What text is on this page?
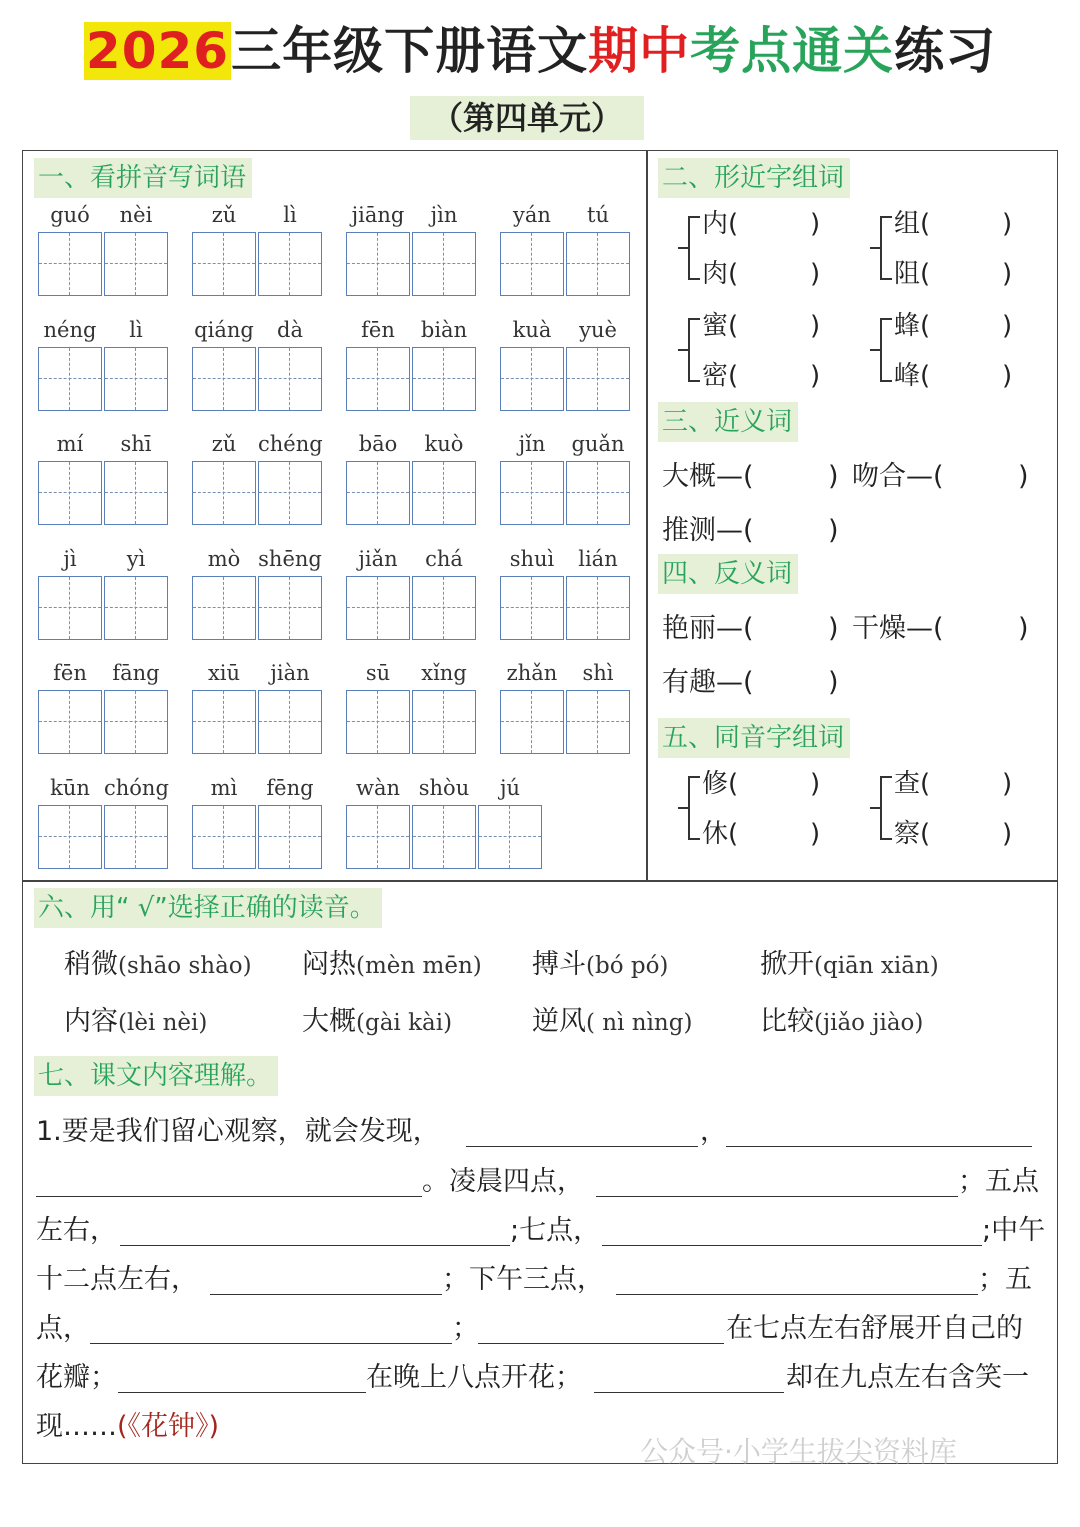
2026三年级下册语文期中考点通关练习
（第四单元）
一、看拼音写词语
guó	nèi	zǔ	lì	jiāng	jìn	yán	tú
néng	lì	qiáng	dà	fēn	biàn	kuà	yuè
mí	shī	zǔ	chéng	bāo	kuò	jǐn	guǎn
jì	yì	mò shēng	jiǎn	chá	shuì	lián
fēn	fāng	xiū	jiàn	sū	xǐng	zhǎn	shì
kūn chóng	mì	fēng	wàn shòu	jú
二、形近字组词
内(	)
肉(	)
组(	)
阻(	)
蜜(	)
密(	)
蜂(	)
峰(	)
三、近义词
大概—(	) 吻合—(	)
推测—(	)
四、反义词
艳丽—(	) 干燥—(	)
有趣—(	)
五、同音字组词
修(	)
休(	)
查(	)
察(	)
六、用“ √”选择正确的读音。
稍微(shāo shào) 闷热(mèn mēn) 搏斗(bó pó)	掀开(qiān xiān)
内容(lèi nèi)	大概(gài kài)	逆风( nì nìng)	比较(jiǎo jiào)
七、课文内容理解。
1.要是我们留心观察，就会发现，	，
。凌晨四点，	；五点
左右，	;七点，	;中午
十二点左右，	；下午三点，	；五
点，	；	在七点左右舒展开自己的
花瓣；	在晚上八点开花；	却在九点左右含笑一
现……(《花钟》)
公众号·小学生拔尖资料库
